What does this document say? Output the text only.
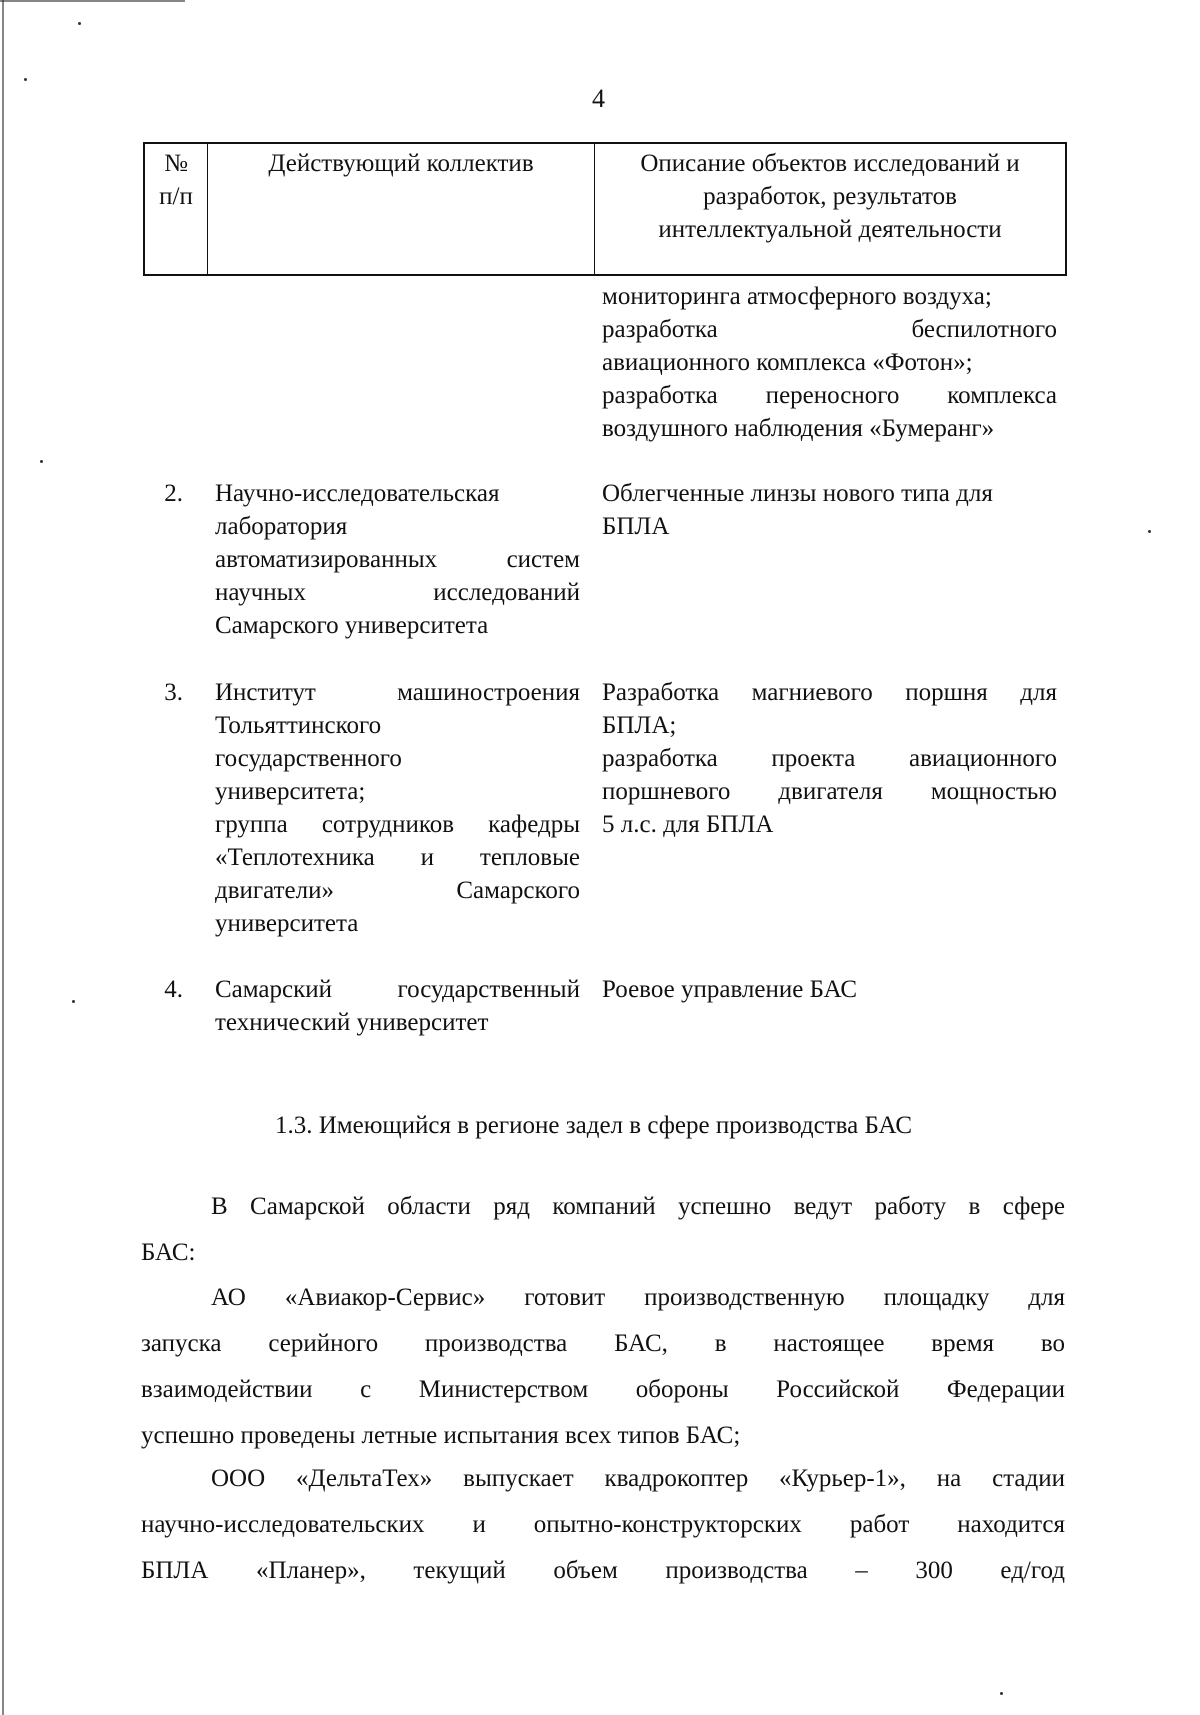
4
№
п/п
Действующий коллектив	Описание объектов исследований и
разработок, результатов
интеллектуальной деятельности
мониторинга атмосферного воздуха;
разработка беспилотного
авиационного комплекса «Фотон»;
разработка переносного комплекса
воздушного наблюдения «Бумеранг»
2. Научно-исследовательская
лаборатория
автоматизированных систем
научных исследований
Самарского университета
Облегченные линзы нового типа для
БПЛА
3. Институт машиностроения
Тольяттинского
государственного
университета;
группа сотрудников кафедры
«Теплотехника и тепловые
двигатели» Самарского
университета
Разработка магниевого поршня для
БПЛА;
разработка проекта авиационного
поршневого двигателя мощностью
5 л.с. для БПЛА
4. Самарский государственный
технический университет
Роевое управление БАС
1.3. Имеющийся в регионе задел в сфере производства БАС
В Самарской области ряд компаний успешно ведут работу в сфере
БАС:
АО «Авиакор-Сервис» готовит производственную площадку для
запуска серийного производства БАС, в настоящее время во
взаимодействии с Министерством обороны Российской Федерации
успешно проведены летные испытания всех типов БАС;
ООО «ДельтаТех» выпускает квадрокоптер «Курьер-1», на стадии
научно-исследовательских и опытно-конструкторских работ находится
БПЛА «Планер», текущий объем производства – 300 ед/год
